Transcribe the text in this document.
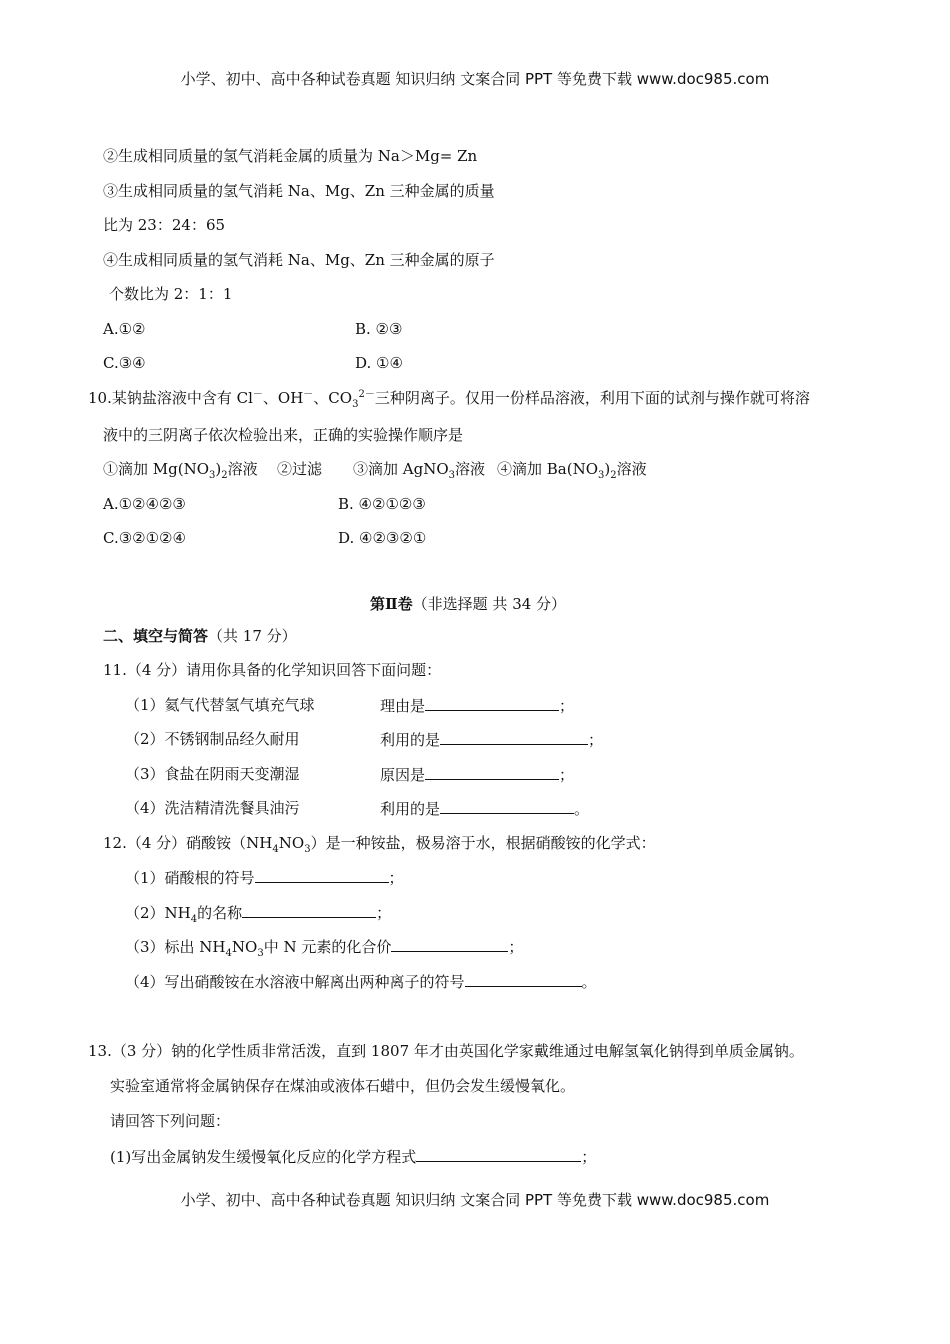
小学、初中、高中各种试卷真题 知识归纳 文案合同 PPT 等免费下载 www.doc985.com
②生成相同质量的氢气消耗金属的质量为 Na＞Mg= Zn
③生成相同质量的氢气消耗 Na、Mg、Zn 三种金属的质量
比为 23：24：65
④生成相同质量的氢气消耗 Na、Mg、Zn 三种金属的原子
个数比为 2：1：1
A.①②	B. ②③
C.③④	D. ①④
10.某钠盐溶液中含有 Cl－、OH－、$CO_3^{2-}$三种阴离子。仅用一份样品溶液，利用下面的试剂与操作就可将溶
液中的三阴离子依次检验出来，正确的实验操作顺序是
①滴加 $Mg(NO_3)_2$溶液 ②过滤 ③滴加 AgNO$_3$溶液 ④滴加 $Ba(NO_3)_2$溶液
A.①②④②③	B. ④②①②③
C.③②①②④	D. ④②③②①
第Ⅱ卷（非选择题 共 34 分）
二、填空与简答（共 17 分）
11.（4 分）请用你具备的化学知识回答下面问题：
（1）氦气代替氢气填充气球	理由是	；
（2）不锈钢制品经久耐用	利用的是	；
（3）食盐在阴雨天变潮湿	原因是	；
（4）洗洁精清洗餐具油污	利用的是	。
12.（4 分）硝酸铵$(NH_4NO_3)$是一种铵盐，极易溶于水，根据硝酸铵的化学式：
（1）硝酸根的符号	；
$(2)NH_4$的名称	；
（3）标出 $NH_4NO_3$中 N 元素的化合价	；
（4）写出硝酸铵在水溶液中解离出两种离子的符号	。
13.（3 分）钠的化学性质非常活泼，直到 1807 年才由英国化学家戴维通过电解氢氧化钠得到单质金属钠。
实验室通常将金属钠保存在煤油或液体石蜡中，但仍会发生缓慢氧化。
请回答下列问题：
(1)写出金属钠发生缓慢氧化反应的化学方程式	；
小学、初中、高中各种试卷真题 知识归纳 文案合同 PPT 等免费下载 www.doc985.com
